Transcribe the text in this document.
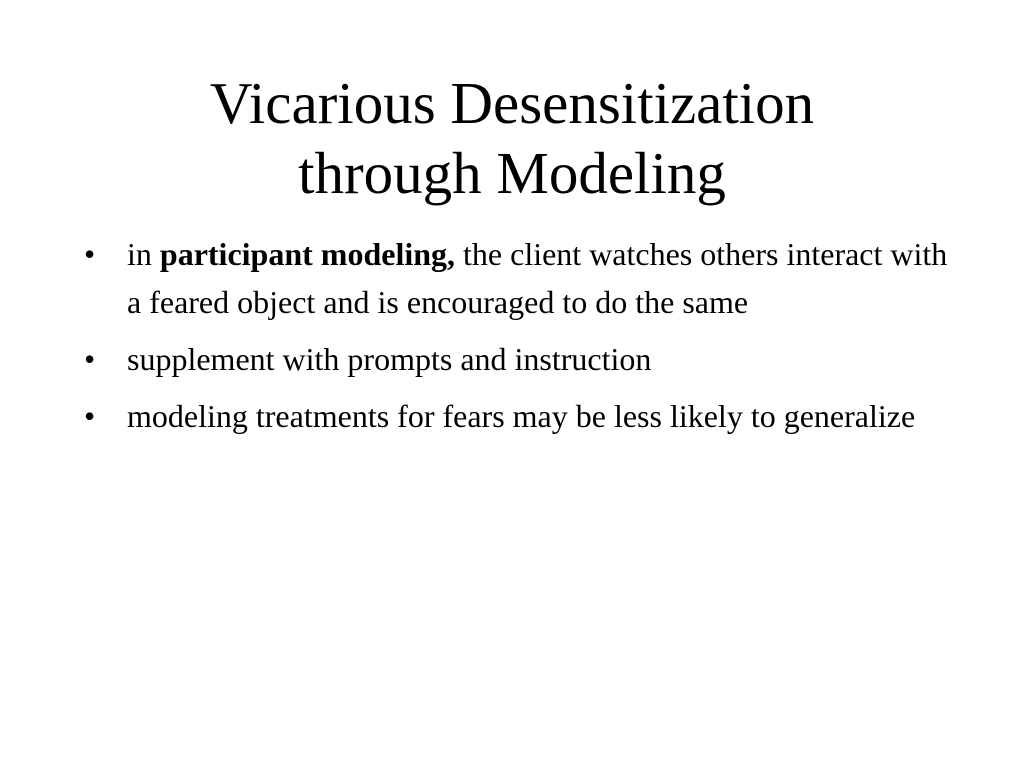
Vicarious Desensitization
through Modeling
• in participant modeling, the client watches others interact with a feared object and is encouraged to do the same
• supplement with prompts and instruction
• modeling treatments for fears may be less likely to generalize
